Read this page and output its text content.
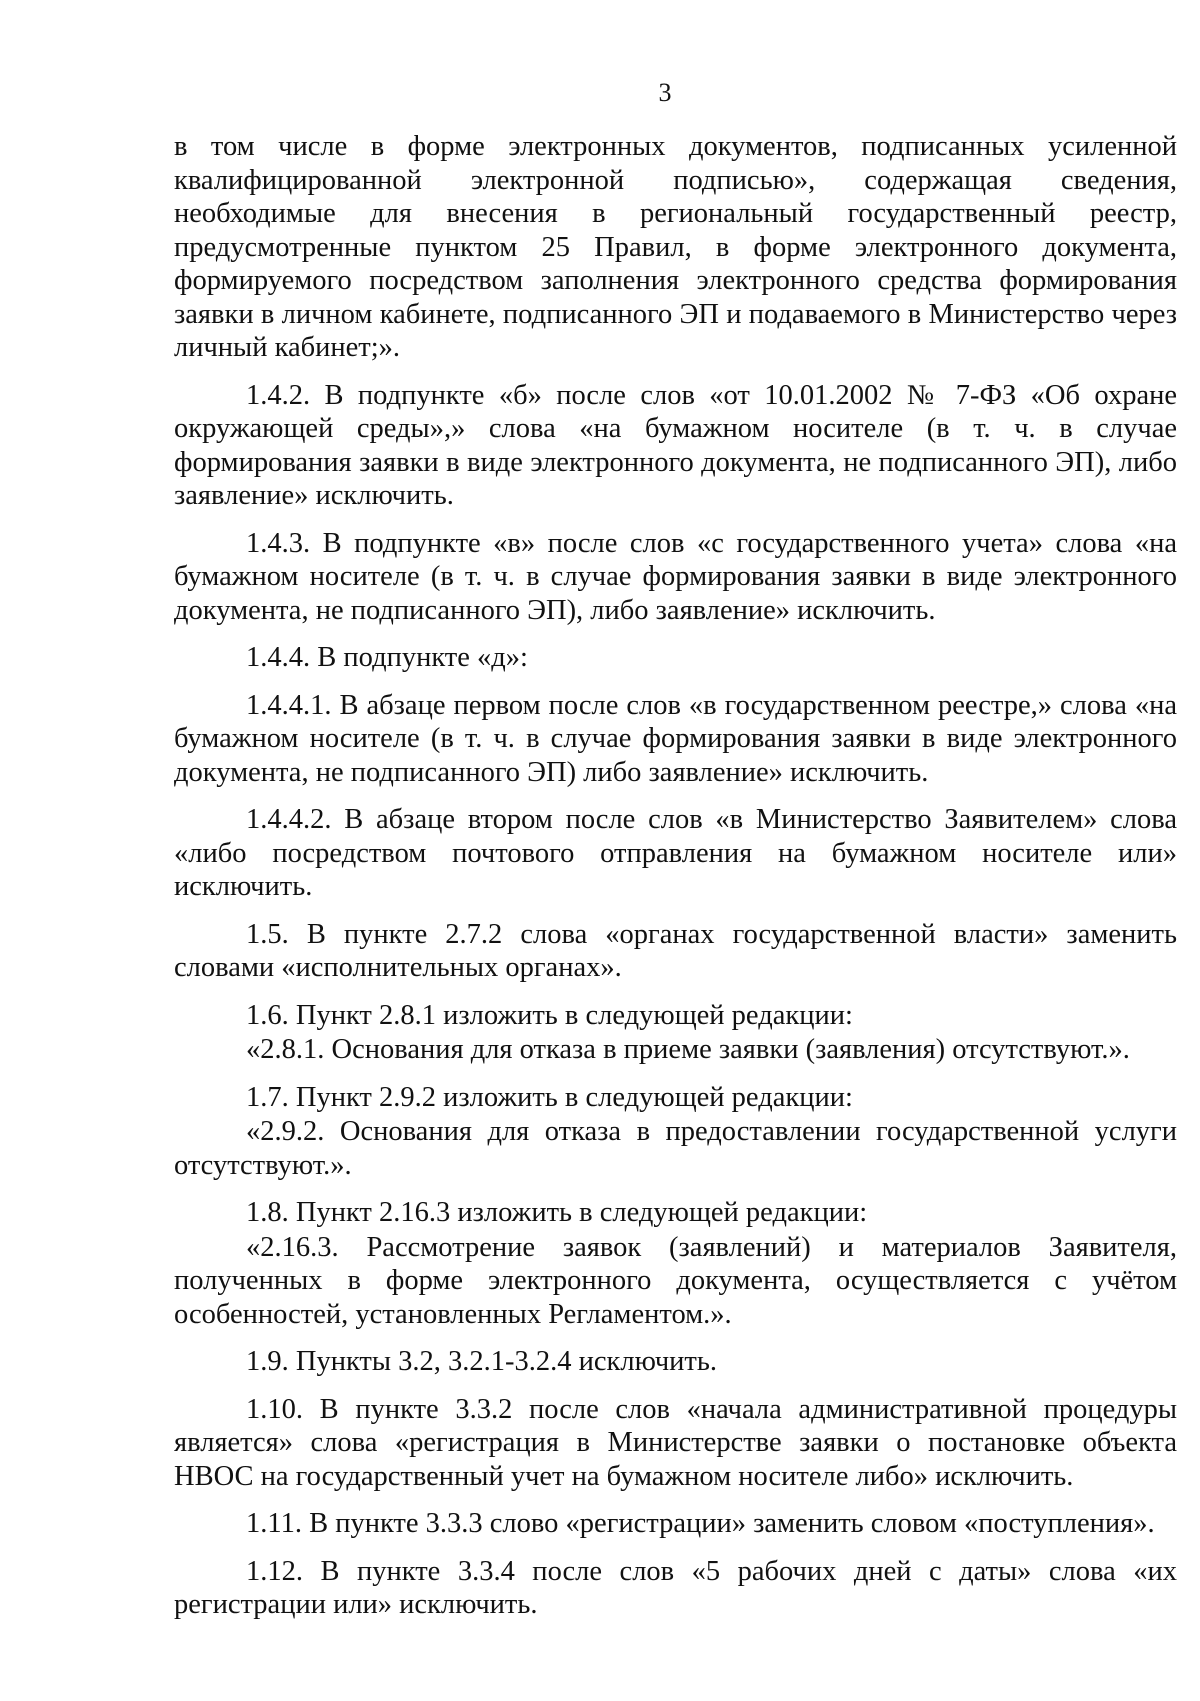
3

в том числе в форме электронных документов, подписанных усиленной квалифицированной электронной подписью», содержащая сведения, необходимые для внесения в региональный государственный реестр, предусмотренные пунктом 25 Правил, в форме электронного документа, формируемого посредством заполнения электронного средства формирования заявки в личном кабинете, подписанного ЭП и подаваемого в Министерство через личный кабинет;».

1.4.2. В подпункте «б» после слов «от 10.01.2002 № 7-ФЗ «Об охране окружающей среды»,» слова «на бумажном носителе (в т. ч. в случае формирования заявки в виде электронного документа, не подписанного ЭП), либо заявление» исключить.

1.4.3. В подпункте «в» после слов «с государственного учета» слова «на бумажном носителе (в т. ч. в случае формирования заявки в виде электронного документа, не подписанного ЭП), либо заявление» исключить.

1.4.4. В подпункте «д»:

1.4.4.1. В абзаце первом после слов «в государственном реестре,» слова «на бумажном носителе (в т. ч. в случае формирования заявки в виде электронного документа, не подписанного ЭП) либо заявление» исключить.

1.4.4.2. В абзаце втором после слов «в Министерство Заявителем» слова «либо посредством почтового отправления на бумажном носителе или» исключить.

1.5. В пункте 2.7.2 слова «органах государственной власти» заменить словами «исполнительных органах».

1.6. Пункт 2.8.1 изложить в следующей редакции:

«2.8.1. Основания для отказа в приеме заявки (заявления) отсутствуют.».

1.7. Пункт 2.9.2 изложить в следующей редакции:

«2.9.2. Основания для отказа в предоставлении государственной услуги отсутствуют.».

1.8. Пункт 2.16.3 изложить в следующей редакции:

«2.16.3. Рассмотрение заявок (заявлений) и материалов Заявителя, полученных в форме электронного документа, осуществляется с учётом особенностей, установленных Регламентом.».

1.9. Пункты 3.2, 3.2.1-3.2.4 исключить.

1.10. В пункте 3.3.2 после слов «начала административной процедуры является» слова «регистрация в Министерстве заявки о постановке объекта НВОС на государственный учет на бумажном носителе либо» исключить.

1.11. В пункте 3.3.3 слово «регистрации» заменить словом «поступления».

1.12. В пункте 3.3.4 после слов «5 рабочих дней с даты» слова «их регистрации или» исключить.
